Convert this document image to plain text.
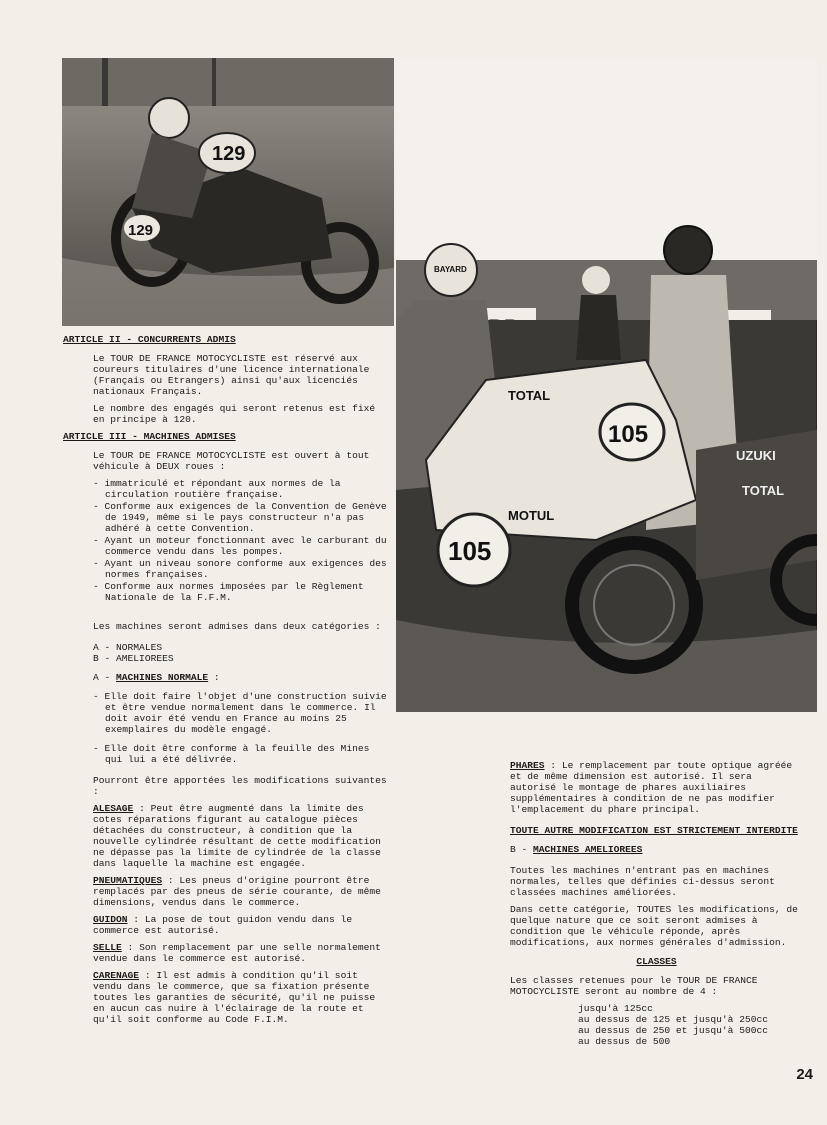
129
129
BAYARD
105
105
TOTAL
MOTUL
UZUKI
TOTAL
ARTICLE II - CONCURRENTS ADMIS

Le TOUR DE FRANCE MOTOCYCLISTE est réservé aux coureurs titulaires d'une licence internationale (Français ou Etrangers) ainsi qu'aux licenciés nationaux Français.

Le nombre des engagés qui seront retenus est fixé en principe à 120.

ARTICLE III - MACHINES ADMISES

Le TOUR DE FRANCE MOTOCYCLISTE est ouvert à tout véhicule à DEUX roues :

- immatriculé et répondant aux normes de la circulation routière française.
- Conforme aux exigences de la Convention de Genève de 1949, même si le pays constructeur n'a pas adhéré à cette Convention.
- Ayant un moteur fonctionnant avec le carburant du commerce vendu dans les pompes.
- Ayant un niveau sonore conforme aux exigences des normes françaises.
- Conforme aux normes imposées par le Règlement Nationale de la F.F.M.

Les machines seront admises dans deux catégories :

A - NORMALES
B - AMELIOREES
A - MACHINES NORMALE :
- Elle doit faire l'objet d'une construction suivie et être vendue normalement dans le commerce. Il doit avoir été vendu en France au moins 25 exemplaires du modèle engagé.
- Elle doit être conforme à la feuille des Mines qui lui a été délivrée.

Pourront être apportées les modifications suivantes :

ALESAGE : Peut être augmenté dans la limite des cotes réparations figurant au catalogue pièces détachées du constructeur, à condition que la nouvelle cylindrée résultant de cette modification ne dépasse pas la limite de cylindrée de la classe dans laquelle la machine est engagée.

PNEUMATIQUES : Les pneus d'origine pourront être remplacés par des pneus de série courante, de même dimensions, vendus dans le commerce.

GUIDON : La pose de tout guidon vendu dans le commerce est autorisé.

SELLE : Son remplacement par une selle normalement vendue dans le commerce est autorisé.

CARENAGE : Il est admis à condition qu'il soit vendu dans le commerce, que sa fixation présente toutes les garanties de sécurité, qu'il ne puisse en aucun cas nuire à l'éclairage de la route et qu'il soit conforme au Code F.I.M.

PHARES : Le remplacement par toute optique agréée et de même dimension est autorisé. Il sera autorisé le montage de phares auxiliaires supplémentaires à condition de ne pas modifier l'emplacement du phare principal.

TOUTE AUTRE MODIFICATION EST STRICTEMENT INTERDITE
B - MACHINES AMELIOREES

Toutes les machines n'entrant pas en machines normales, telles que définies ci-dessus seront classées machines améliorées.

Dans cette catégorie, TOUTES les modifications, de quelque nature que ce soit seront admises à condition que le véhicule réponde, après modifications, aux normes générales d'admission.

CLASSES

Les classes retenues pour le TOUR DE FRANCE MOTOCYCLISTE seront au nombre de 4 :

jusqu'à 125cc
au dessus de 125 et jusqu'à 250cc
au dessus de 250 et jusqu'à 500cc
au dessus de 500
24
